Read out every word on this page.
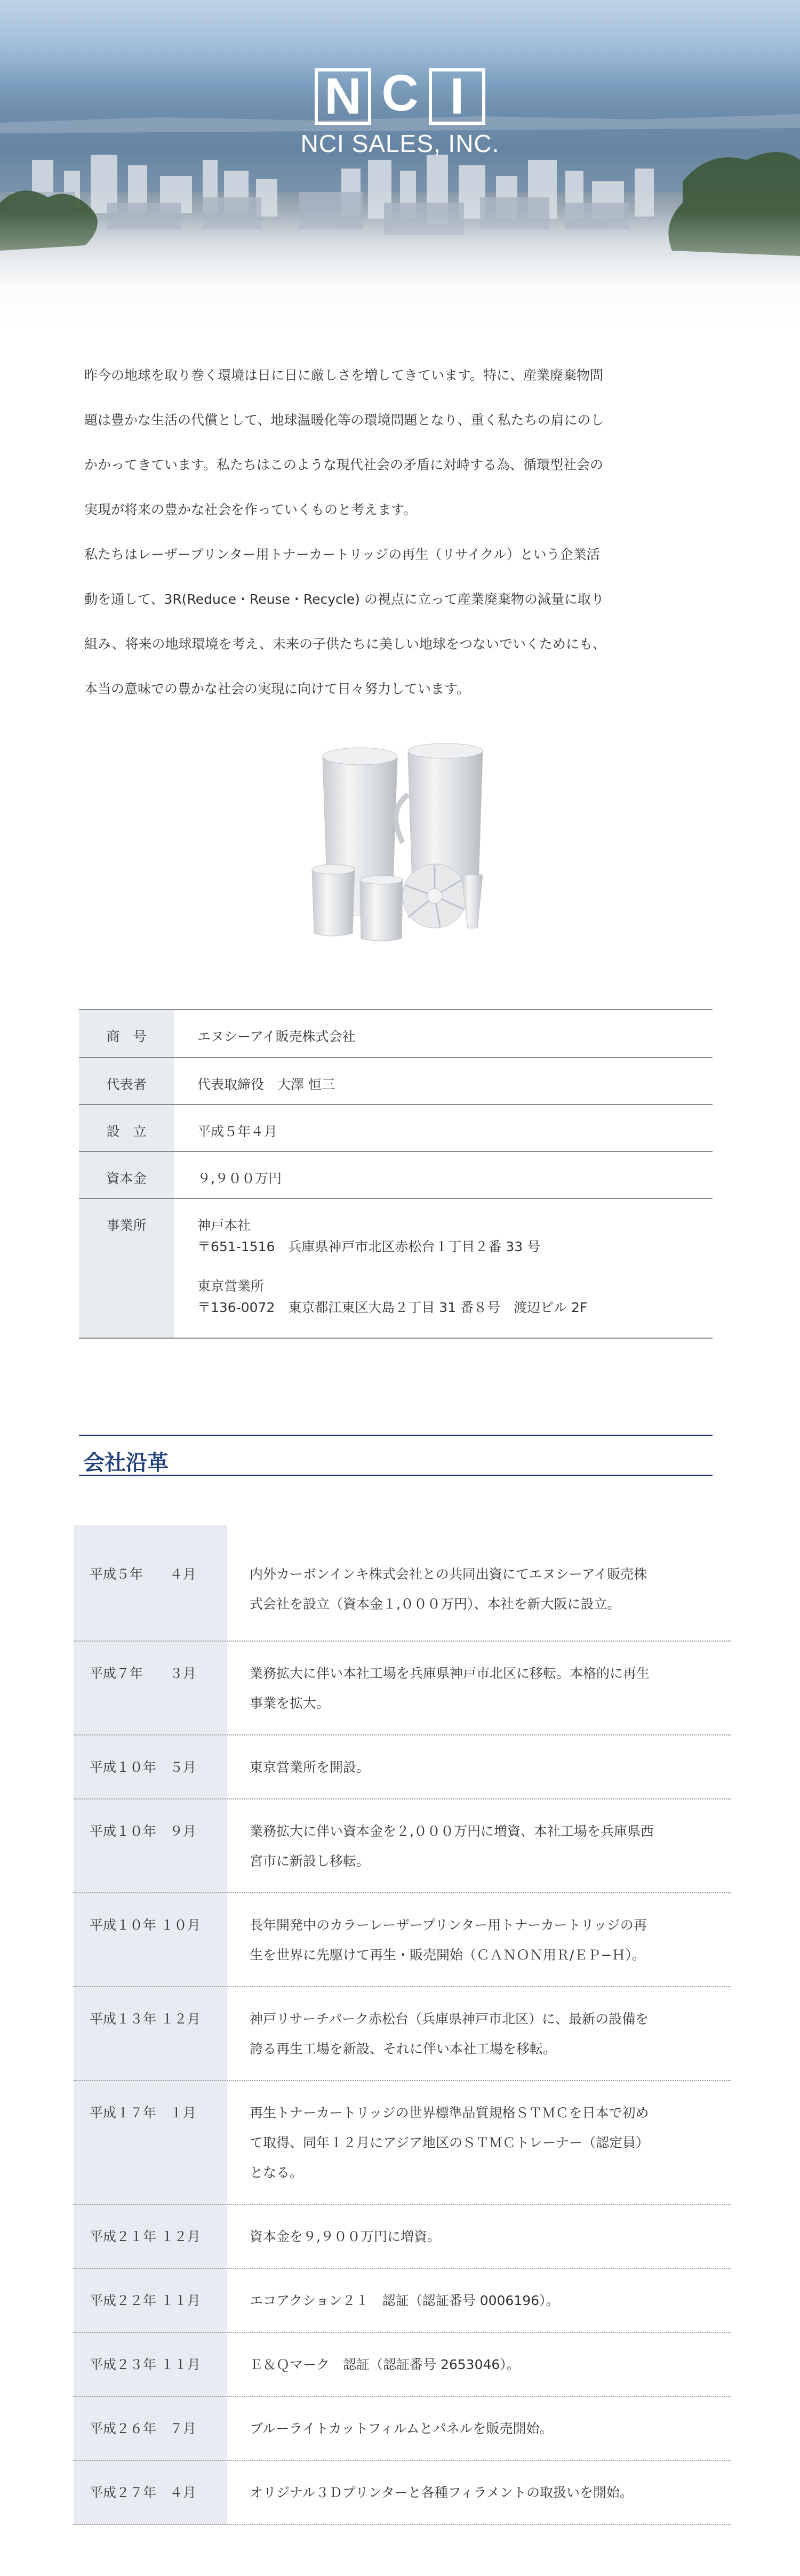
N C I
NCI SALES, INC.

昨今の地球を取り巻く環境は日に日に厳しさを増してきています。特に、産業廃棄物問

題は豊かな生活の代償として、地球温暖化等の環境問題となり、重く私たちの肩にのし

かかってきています。私たちはこのような現代社会の矛盾に対峙する為、循環型社会の

実現が将来の豊かな社会を作っていくものと考えます。

私たちはレーザープリンター用トナーカートリッジの再生（リサイクル）という企業活

動を通して、3R(Reduce・Reuse・Recycle) の視点に立って産業廃棄物の減量に取り

組み、将来の地球環境を考え、未来の子供たちに美しい地球をつないでいくためにも、

本当の意味での豊かな社会の実現に向けて日々努力しています。

商　号	エヌシーアイ販売株式会社
代表者	代表取締役　大澤 恒三
設　立	平成５年４月
資本金	９,９００万円
事業所	神戸本社
〒651-1516　兵庫県神戸市北区赤松台１丁目２番 33 号
東京営業所
〒136-0072　東京都江東区大島２丁目 31 番８号　渡辺ビル 2F
会社沿革
平成５年　　４月	内外カーボンインキ株式会社との共同出資にてエヌシーアイ販売株
式会社を設立（資本金１,０００万円）、本社を新大阪に設立。
平成７年　　３月	業務拡大に伴い本社工場を兵庫県神戸市北区に移転。本格的に再生
事業を拡大。
平成１０年　５月	東京営業所を開設。
平成１０年　９月	業務拡大に伴い資本金を２,０００万円に増資、本社工場を兵庫県西
宮市に新設し移転。
平成１０年 １０月	長年開発中のカラーレーザープリンター用トナーカートリッジの再
生を世界に先駆けて再生・販売開始（ＣＡＮＯＮ用Ｒ/ＥＰ−Ｈ）。
平成１３年 １２月	神戸リサーチパーク赤松台（兵庫県神戸市北区）に、最新の設備を
誇る再生工場を新設、それに伴い本社工場を移転。
平成１７年　１月	再生トナーカートリッジの世界標準品質規格ＳＴＭＣを日本で初め
て取得、同年１２月にアジア地区のＳＴＭＣトレーナー（認定員）
となる。
平成２１年 １２月	資本金を９,９００万円に増資。
平成２２年 １１月	エコアクション２１　認証（認証番号 0006196）。
平成２３年 １１月	Ｅ＆Ｑマーク　認証（認証番号 2653046）。
平成２６年　７月	ブルーライトカットフィルムとパネルを販売開始。
平成２７年　４月	オリジナル３Ｄプリンターと各種フィラメントの取扱いを開始。
